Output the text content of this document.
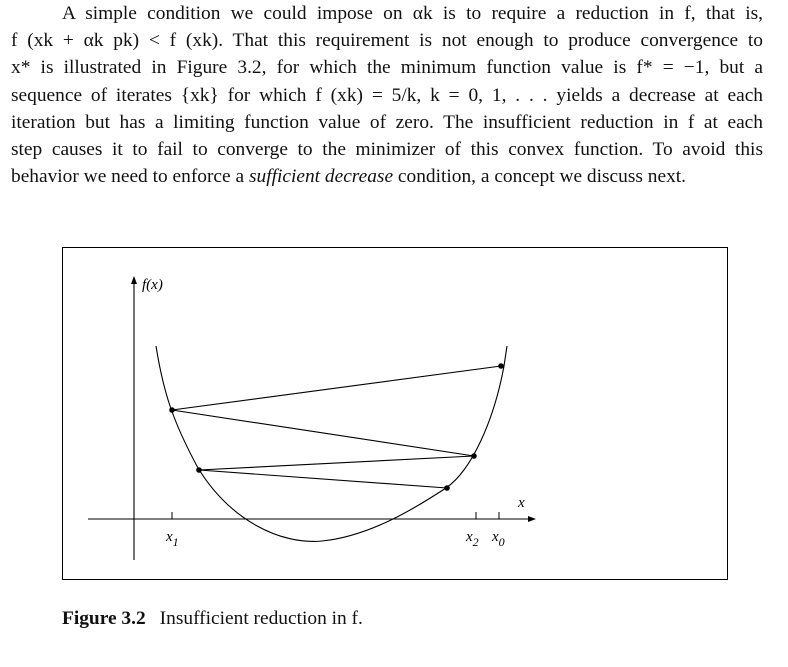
A simple condition we could impose on αk is to require a reduction in f, that is,
f (xk + αk pk) < f (xk). That this requirement is not enough to produce convergence to
x* is illustrated in Figure 3.2, for which the minimum function value is f* = −1, but a
sequence of iterates {xk} for which f (xk) = 5/k, k = 0, 1, . . . yields a decrease at each
iteration but has a limiting function value of zero. The insufficient reduction in f at each
step causes it to fail to converge to the minimizer of this convex function. To avoid this
behavior we need to enforce a sufficient decrease condition, a concept we discuss next.
f(x)
x
$x_1$	$x_2$ $x_0$
Figure 3.2 Insufficient reduction in f.
